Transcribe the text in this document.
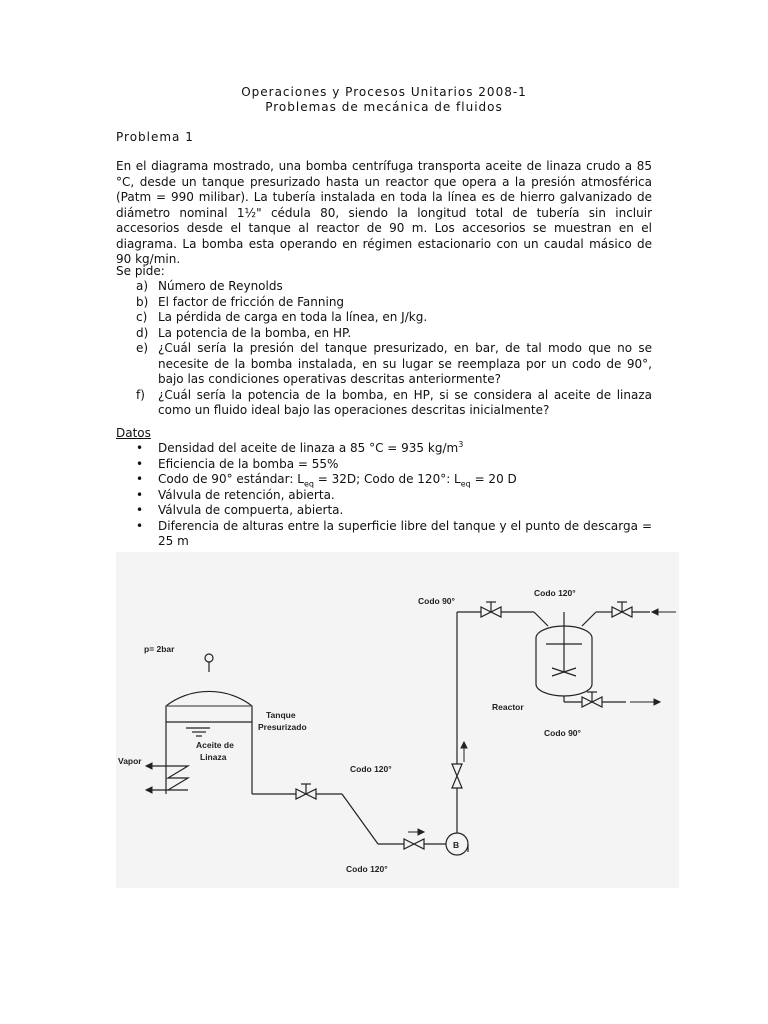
Operaciones y Procesos Unitarios 2008-1
Problemas de mecánica de fluidos
Problema 1
En el diagrama mostrado, una bomba centrífuga transporta aceite de linaza crudo a 85 °C, desde un tanque presurizado hasta un reactor que opera a la presión atmosférica (Patm = 990 milibar). La tubería instalada en toda la línea es de hierro galvanizado de diámetro nominal 1½" cédula 80, siendo la longitud total de tubería sin incluir accesorios desde el tanque al reactor de 90 m. Los accesorios se muestran en el diagrama. La bomba esta operando en régimen estacionario con un caudal másico de 90 kg/min.
Se pide:
a) Número de Reynolds
b) El factor de fricción de Fanning
c) La pérdida de carga en toda la línea, en J/kg.
d) La potencia de la bomba, en HP.
e) ¿Cuál sería la presión del tanque presurizado, en bar, de tal modo que no se necesite de la bomba instalada, en su lugar se reemplaza por un codo de 90°, bajo las condiciones operativas descritas anteriormente?
f) ¿Cuál sería la potencia de la bomba, en HP, si se considera al aceite de linaza como un fluido ideal bajo las operaciones descritas inicialmente?
Datos
• Densidad del aceite de linaza a 85 °C = 935 $kg/m^3$
• Eficiencia de la bomba = 55%
• Codo de 90° estándar: $L_{eq} = 32D$; Codo de 120°: $L_{eq} = 20$ D
• Válvula de retención, abierta.
• Válvula de compuerta, abierta.
• Diferencia de alturas entre la superficie libre del tanque y el punto de descarga = 25 m
p= 2bar
Tanque
Presurizado
Aceite de
Linaza
Vapor
Codo 120°
Codo 120°
Codo 120°
Codo 90°
Codo 90°
Reactor
B
